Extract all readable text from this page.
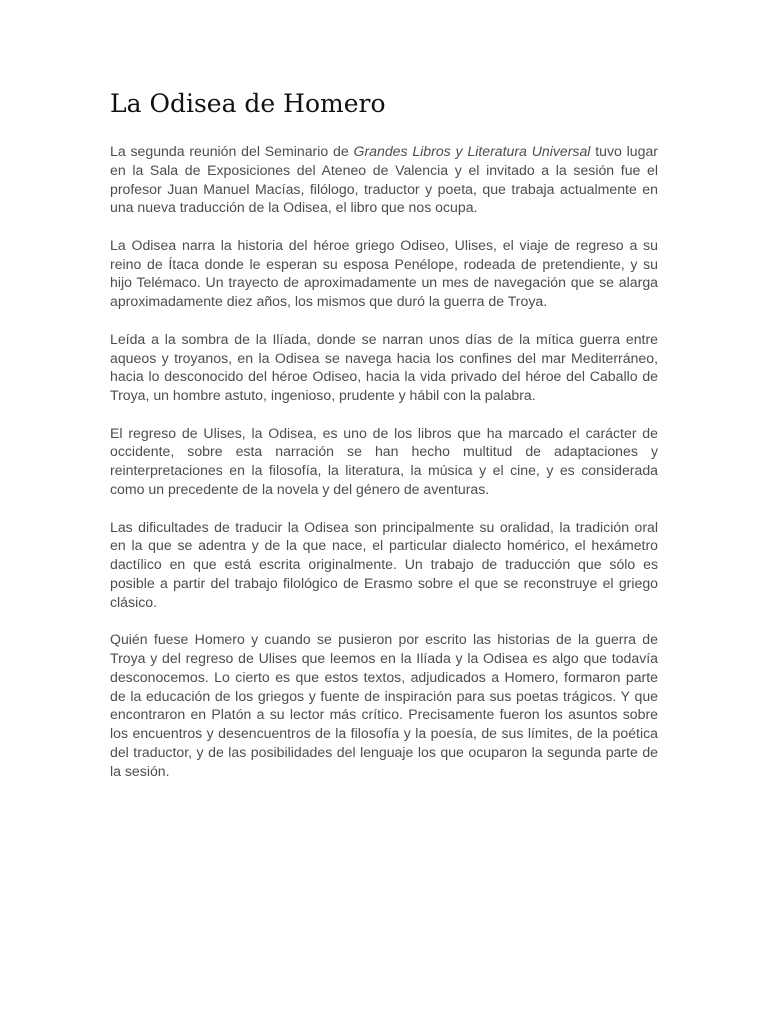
La Odisea de Homero

La segunda reunión del Seminario de Grandes Libros y Literatura Universal tuvo lugar en la Sala de Exposiciones del Ateneo de Valencia y el invitado a la sesión fue el profesor Juan Manuel Macías, filólogo, traductor y poeta, que trabaja actualmente en una nueva traducción de la Odisea, el libro que nos ocupa.

La Odisea narra la historia del héroe griego Odiseo, Ulises, el viaje de regreso a su reino de Ítaca donde le esperan su esposa Penélope, rodeada de pretendiente, y su hijo Telémaco. Un trayecto de aproximadamente un mes de navegación que se alarga aproximadamente diez años, los mismos que duró la guerra de Troya.

Leída a la sombra de la Ilíada, donde se narran unos días de la mítica guerra entre aqueos y troyanos, en la Odisea se navega hacia los confines del mar Mediterráneo, hacia lo desconocido del héroe Odiseo, hacia la vida privado del héroe del Caballo de Troya, un hombre astuto, ingenioso, prudente y hábil con la palabra.

El regreso de Ulises, la Odisea, es uno de los libros que ha marcado el carácter de occidente, sobre esta narración se han hecho multitud de adaptaciones y reinterpretaciones en la filosofía, la literatura, la música y el cine, y es considerada como un precedente de la novela y del género de aventuras.

Las dificultades de traducir la Odisea son principalmente su oralidad, la tradición oral en la que se adentra y de la que nace, el particular dialecto homérico, el hexámetro dactílico en que está escrita originalmente. Un trabajo de traducción que sólo es posible a partir del trabajo filológico de Erasmo sobre el que se reconstruye el griego clásico.

Quién fuese Homero y cuando se pusieron por escrito las historias de la guerra de Troya y del regreso de Ulises que leemos en la Ilíada y la Odisea es algo que todavía desconocemos. Lo cierto es que estos textos, adjudicados a Homero, formaron parte de la educación de los griegos y fuente de inspiración para sus poetas trágicos. Y que encontraron en Platón a su lector más crítico. Precisamente fueron los asuntos sobre los encuentros y desencuentros de la filosofía y la poesía, de sus límites, de la poética del traductor, y de las posibilidades del lenguaje los que ocuparon la segunda parte de la sesión.
